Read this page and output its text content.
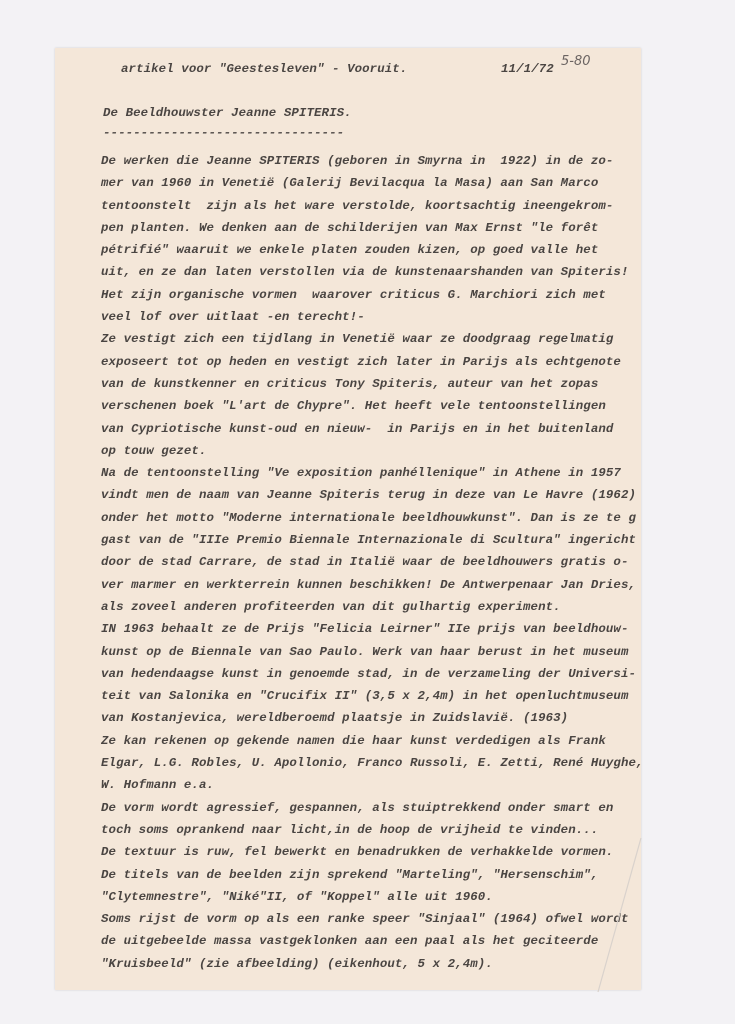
artikel voor "Geestesleven" - Vooruit.	11/1/72 5-80
De Beeldhouwster Jeanne SPITERIS.
--------------------------------
De werken die Jeanne SPITERIS (geboren in Smyrna in  1922) in de zo-
mer van 1960 in Venetië (Galerij Bevilacqua la Masa) aan San Marco
tentoonstelt  zijn als het ware verstolde, koortsachtig ineengekrom-
pen planten. We denken aan de schilderijen van Max Ernst "le forêt
pétrifié" waaruit we enkele platen zouden kizen, op goed valle het
uit, en ze dan laten verstollen via de kunstenaarshanden van Spiteris!
Het zijn organische vormen  waarover criticus G. Marchiori zich met
veel lof over uitlaat -en terecht!-
Ze vestigt zich een tijdlang in Venetië waar ze doodgraag regelmatig
exposeert tot op heden en vestigt zich later in Parijs als echtgenote
van de kunstkenner en criticus Tony Spiteris, auteur van het zopas
verschenen boek "L'art de Chypre". Het heeft vele tentoonstellingen
van Cypriotische kunst-oud en nieuw-  in Parijs en in het buitenland
op touw gezet.
Na de tentoonstelling "Ve exposition panhéllenique" in Athene in 1957
vindt men de naam van Jeanne Spiteris terug in deze van Le Havre (1962)
onder het motto "Moderne internationale beeldhouwkunst". Dan is ze te g
gast van de "IIIe Premio Biennale Internazionale di Scultura" ingericht
door de stad Carrare, de stad in Italië waar de beeldhouwers gratis o-
ver marmer en werkterrein kunnen beschikken! De Antwerpenaar Jan Dries,
als zoveel anderen profiteerden van dit gulhartig experiment.
IN 1963 behaalt ze de Prijs "Felicia Leirner" IIe prijs van beeldhouw-
kunst op de Biennale van Sao Paulo. Werk van haar berust in het museum
van hedendaagse kunst in genoemde stad, in de verzameling der Universi-
teit van Salonika en "Crucifix II" (3,5 x 2,4m) in het openluchtmuseum
van Kostanjevica, wereldberoemd plaatsje in Zuidslavië. (1963)
Ze kan rekenen op gekende namen die haar kunst verdedigen als Frank
Elgar, L.G. Robles, U. Apollonio, Franco Russoli, E. Zetti, René Huyghe,
W. Hofmann e.a.
De vorm wordt agressief, gespannen, als stuiptrekkend onder smart en
toch soms oprankend naar licht,in de hoop de vrijheid te vinden...
De textuur is ruw, fel bewerkt en benadrukken de verhakkelde vormen.
De titels van de beelden zijn sprekend "Marteling", "Hersenschim",
"Clytemnestre", "Niké"II, of "Koppel" alle uit 1960.
Soms rijst de vorm op als een ranke speer "Sinjaal" (1964) ofwel wordt
de uitgebeelde massa vastgeklonken aan een paal als het geciteerde
"Kruisbeeld" (zie afbeelding) (eikenhout, 5 x 2,4m).
